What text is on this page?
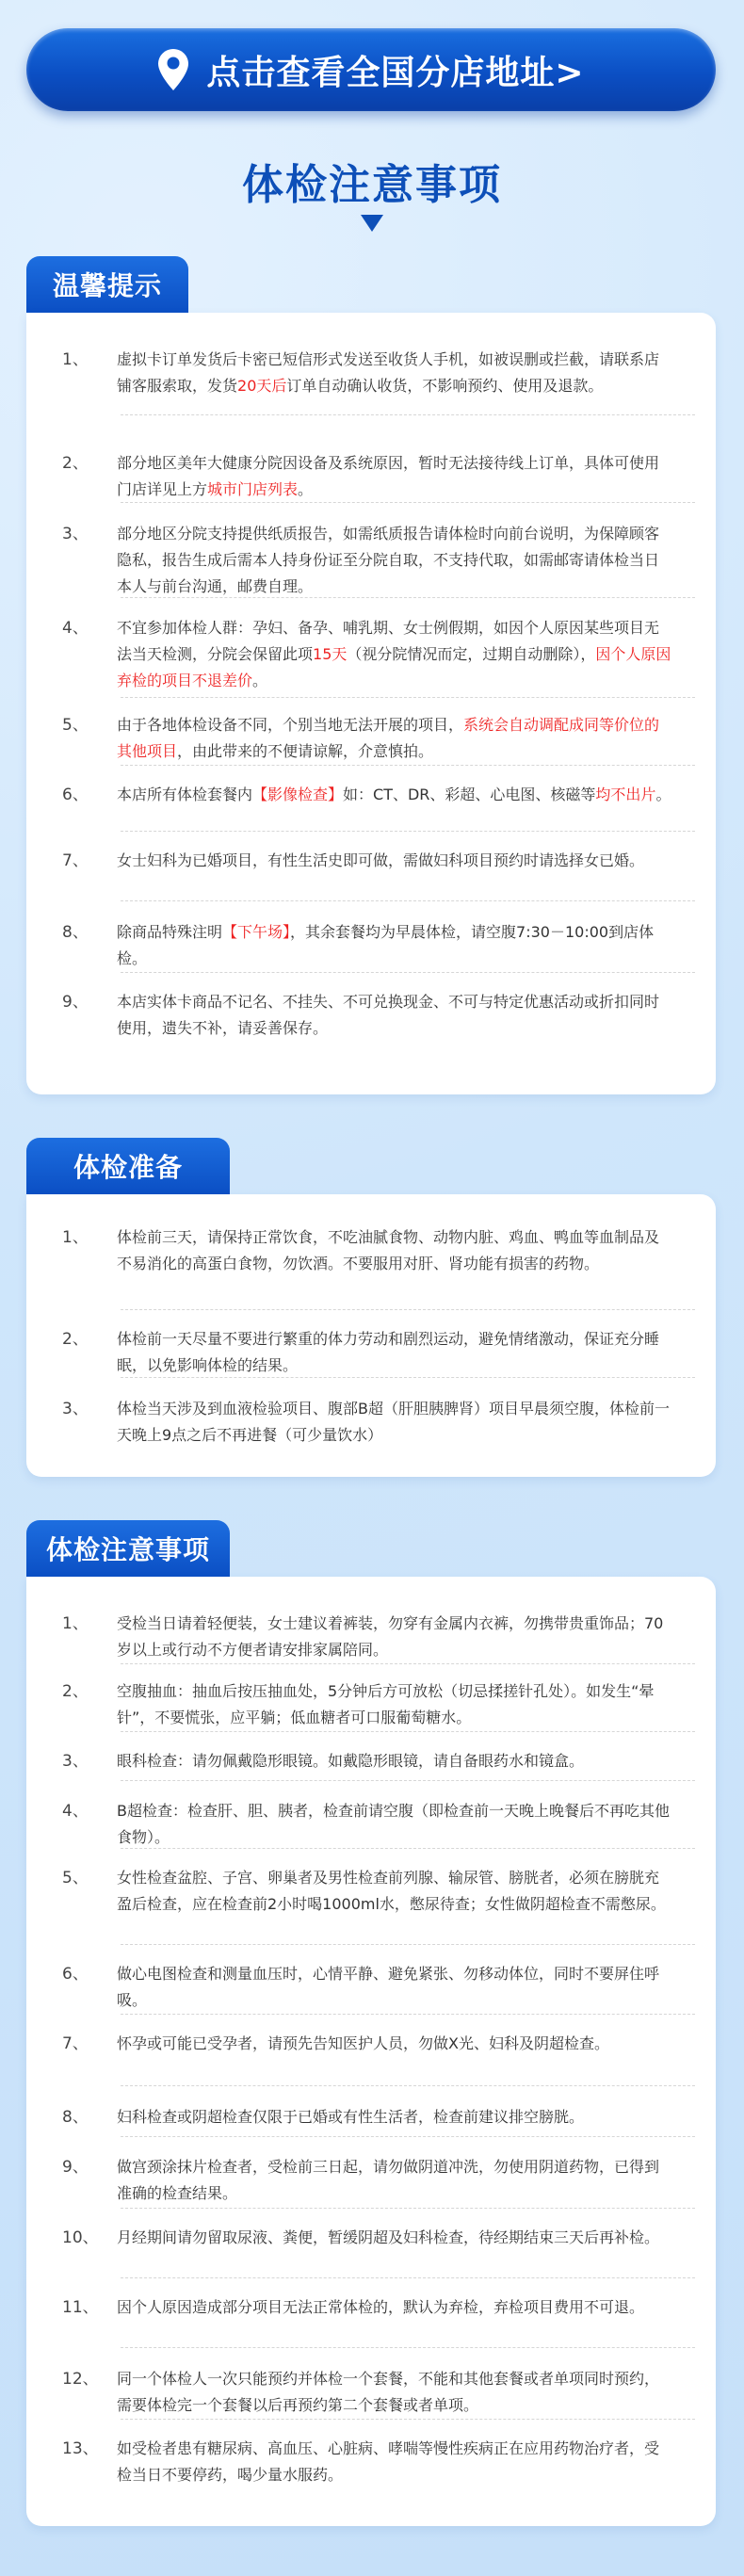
点击查看全国分店地址>
体检注意事项
温馨提示
1、	虚拟卡订单发货后卡密已短信形式发送至收货人手机，如被误删或拦截，请联系店铺客服索取，发货20天后订单自动确认收货，不影响预约、使用及退款。
2、	部分地区美年大健康分院因设备及系统原因，暂时无法接待线上订单，具体可使用门店详见上方城市门店列表。
3、	部分地区分院支持提供纸质报告，如需纸质报告请体检时向前台说明，为保障顾客隐私，报告生成后需本人持身份证至分院自取，不支持代取，如需邮寄请体检当日本人与前台沟通，邮费自理。
4、	不宜参加体检人群：孕妇、备孕、哺乳期、女士例假期，如因个人原因某些项目无法当天检测，分院会保留此项15天（视分院情况而定，过期自动删除），因个人原因弃检的项目不退差价。
5、	由于各地体检设备不同，个别当地无法开展的项目，系统会自动调配成同等价位的其他项目，由此带来的不便请谅解，介意慎拍。
6、	本店所有体检套餐内【影像检查】如：CT、DR、彩超、心电图、核磁等均不出片。
7、	女士妇科为已婚项目，有性生活史即可做，需做妇科项目预约时请选择女已婚。
8、	除商品特殊注明【下午场】，其余套餐均为早晨体检，请空腹7:30－10:00到店体检。
9、	本店实体卡商品不记名、不挂失、不可兑换现金、不可与特定优惠活动或折扣同时使用，遗失不补，请妥善保存。
体检准备
1、	体检前三天，请保持正常饮食，不吃油腻食物、动物内脏、鸡血、鸭血等血制品及不易消化的高蛋白食物，勿饮酒。不要服用对肝、肾功能有损害的药物。
2、	体检前一天尽量不要进行繁重的体力劳动和剧烈运动，避免情绪激动，保证充分睡眠，以免影响体检的结果。
3、	体检当天涉及到血液检验项目、腹部B超（肝胆胰脾肾）项目早晨须空腹，体检前一天晚上9点之后不再进餐（可少量饮水）
体检注意事项
1、	受检当日请着轻便装，女士建议着裤装，勿穿有金属内衣裤，勿携带贵重饰品；70岁以上或行动不方便者请安排家属陪同。
2、	空腹抽血：抽血后按压抽血处，5分钟后方可放松（切忌揉搓针孔处）。如发生“晕针”，不要慌张，应平躺；低血糖者可口服葡萄糖水。
3、	眼科检查：请勿佩戴隐形眼镜。如戴隐形眼镜，请自备眼药水和镜盒。
4、	B超检查：检查肝、胆、胰者，检查前请空腹（即检查前一天晚上晚餐后不再吃其他食物）。
5、	女性检查盆腔、子宫、卵巢者及男性检查前列腺、输尿管、膀胱者，必须在膀胱充盈后检查，应在检查前2小时喝1000ml水，憋尿待查；女性做阴超检查不需憋尿。
6、	做心电图检查和测量血压时，心情平静、避免紧张、勿移动体位，同时不要屏住呼吸。
7、	怀孕或可能已受孕者，请预先告知医护人员，勿做X光、妇科及阴超检查。
8、	妇科检查或阴超检查仅限于已婚或有性生活者，检查前建议排空膀胱。
9、	做宫颈涂抹片检查者，受检前三日起，请勿做阴道冲洗，勿使用阴道药物，已得到准确的检查结果。
10、	月经期间请勿留取尿液、粪便，暂缓阴超及妇科检查，待经期结束三天后再补检。
11、	因个人原因造成部分项目无法正常体检的，默认为弃检，弃检项目费用不可退。
12、	同一个体检人一次只能预约并体检一个套餐，不能和其他套餐或者单项同时预约，需要体检完一个套餐以后再预约第二个套餐或者单项。
13、	如受检者患有糖尿病、高血压、心脏病、哮喘等慢性疾病正在应用药物治疗者，受检当日不要停药，喝少量水服药。
